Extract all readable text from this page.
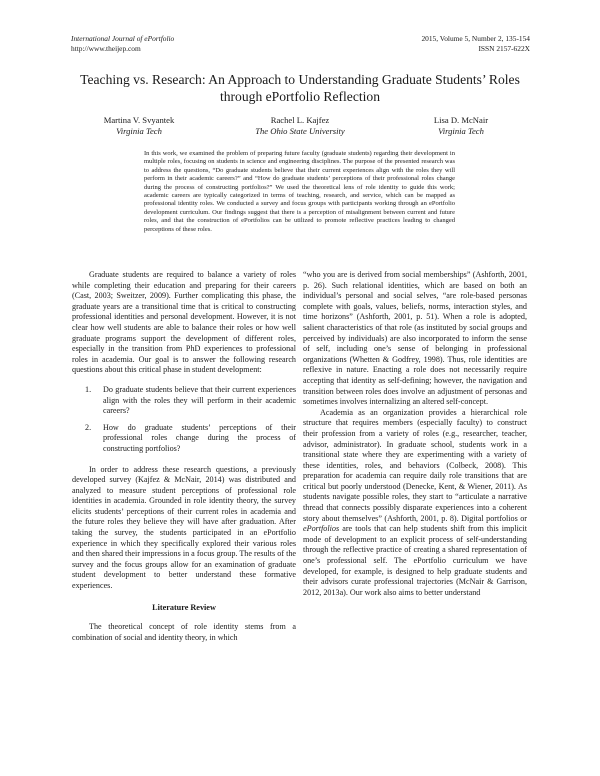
International Journal of ePortfolio
http://www.theijep.com
2015, Volume 5, Number 2, 135-154
ISSN 2157-622X
Teaching vs. Research: An Approach to Understanding Graduate Students’ Roles through ePortfolio Reflection
Martina V. Svyantek
Virginia Tech
Rachel L. Kajfez
The Ohio State University
Lisa D. McNair
Virginia Tech
In this work, we examined the problem of preparing future faculty (graduate students) regarding their development in multiple roles, focusing on students in science and engineering disciplines. The purpose of the presented research was to address the questions, “Do graduate students believe that their current experiences align with the roles they will perform in their academic careers?” and “How do graduate students’ perceptions of their professional roles change during the process of constructing portfolios?” We used the theoretical lens of role identity to guide this work; academic careers are typically categorized in terms of teaching, research, and service, which can be mapped as professional identity roles. We conducted a survey and focus groups with participants working through an ePortfolio development curriculum. Our findings suggest that there is a perception of misalignment between current and future roles, and that the construction of ePortfolios can be utilized to promote reflective practices leading to changed perceptions of these roles.

Graduate students are required to balance a variety of roles while completing their education and preparing for their careers (Cast, 2003; Sweitzer, 2009). Further complicating this phase, the graduate years are a transitional time that is critical to constructing professional identities and personal development. However, it is not clear how well students are able to balance their roles or how well graduate programs support the development of different roles, especially in the transition from PhD experiences to professional roles in academia. Our goal is to answer the following research questions about this critical phase in student development:

1. Do graduate students believe that their current experiences align with the roles they will perform in their academic careers?
2. How do graduate students’ perceptions of their professional roles change during the process of constructing portfolios?

In order to address these research questions, a previously developed survey (Kajfez & McNair, 2014) was distributed and analyzed to measure student perceptions of professional role identities in academia. Grounded in role identity theory, the survey elicits students’ perceptions of their current roles in academia and the future roles they believe they will have after graduation. After taking the survey, the students participated in an ePortfolio experience in which they specifically explored their various roles and then shared their impressions in a focus group. The results of the survey and the focus groups allow for an examination of graduate student development to better understand these formative experiences.

Literature Review

The theoretical concept of role identity stems from a combination of social and identity theory, in which

“who you are is derived from social memberships” (Ashforth, 2001, p. 26). Such relational identities, which are based on both an individual’s personal and social selves, “are role-based personas complete with goals, values, beliefs, norms, interaction styles, and time horizons” (Ashforth, 2001, p. 51). When a role is adopted, salient characteristics of that role (as instituted by social groups and perceived by individuals) are also incorporated to inform the sense of self, including one’s sense of belonging in professional organizations (Whetten & Godfrey, 1998). Thus, role identities are reflexive in nature. Enacting a role does not necessarily require accepting that identity as self-defining; however, the navigation and transition between roles does involve an adjustment of personas and sometimes involves internalizing an altered self-concept.

Academia as an organization provides a hierarchical role structure that requires members (especially faculty) to construct their profession from a variety of roles (e.g., researcher, teacher, advisor, administrator). In graduate school, students work in a transitional state where they are experimenting with a variety of these identities, roles, and behaviors (Colbeck, 2008). This preparation for academia can require daily role transitions that are critical but poorly understood (Deneckе, Kent, & Wiener, 2011). As students navigate possible roles, they start to “articulate a narrative thread that connects possibly disparate experiences into a coherent story about themselves” (Ashforth, 2001, p. 8). Digital portfolios or ePortfolios are tools that can help students shift from this implicit mode of development to an explicit process of self-understanding through the reflective practice of creating a shared representation of one’s professional self. The ePortfolio curriculum we have developed, for example, is designed to help graduate students and their advisors curate professional trajectories (McNair & Garrison, 2012, 2013a). Our work also aims to better understand
